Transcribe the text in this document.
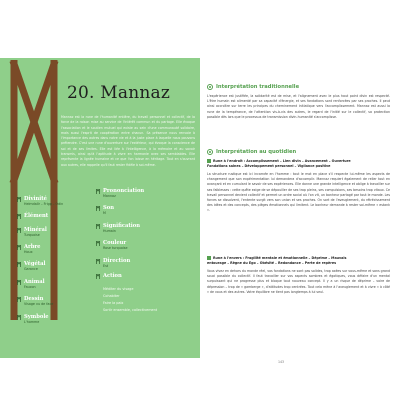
20. Mannaz

Mannaz est la rune de l'humanité entière, du travail personnel et collectif, de la force de la raison mise au service de l'intérêt commun et du partage. Elle évoque l'association et le soutien mutuel qui existe au sein d'une communauté solidaire, mais aussi l'esprit de coopération entre chacun. Sa présence nous renvoie à l'importance des autres dans notre vie et à la juste place à laquelle nous pouvons prétendre. C'est une rune d'ouverture sur l'extérieur, qui évoque la conscience de soi et de ses limites. Elle est liée à l'intelligence, à la mémoire et au savoir transmis, ainsi qu'à l'aptitude à vivre en harmonie avec ses semblables. Elle représente la lignée humaine et ce que l'on laisse en héritage. Tout en s'ouvrant aux autres, elle rappelle qu'il faut rester fidèle à soi-même.

Divinité
Heimdallr – Frigg – Odin
Élément
Minéral
Turquoise
Arbre
Houx
Végétal
Garance
Animal
Faucon
Dessin
Visage vu de face
Symbole
L'homme
Prononciation
Mannaz
Son
M
Signification
Humain
Couleur
Rose turquoise
Direction
Est
Action
Méditer du visage
Cohabiter
Faire la paix
Sortir ensemble, collectivement
Interprétation traditionnelle

L'expérience est justifiée, la solidarité est de mise, et l'alignement avec le plus haut point divin est respecté. L'être humain est alimenté par sa capacité d'énergie, et ses fondations sont renforcées par ses proches. Il peut ainsi accroître sur terre les principes du cheminement initiatique vers l'accomplissement. Mannaz est aussi la rune de la tempérance, de l'attention vis-à-vis des autres, le regard de l'initié sur le collectif, sa protection possible dès lors que le processus de transmission divin-humanité s'accomplisse.

Interprétation au quotidien
Rune à l'endroit : Accomplissement – Lien divin – Avancement – Ouverture
Fondations saines – Développement personnel – Vigilance positive

La structure rustique est ici incarnée en l'homme : tout le mot en place s'il respecte lui-même les aspects de changement que son expérimentation lui demandera d'accomplir. Mannaz requiert également de relier tout en avançant et en cumulant le savoir de ses expériences. Elle donne une grande intelligence et oblige à travailler sur ses faiblesses : cette quête exige de se dépouiller de ses trop pleins, ses compulsions, ses besoins trop vitaux. Ce travail personnel devient collectif et permet un ordre social où l'on vit, un bonheur partagé par tout le monde. Les forces se dissolvent, l'entente surgit vers son union et ses proches. On sort de l'aveuglement, du rétrécissement des idées et des concepts, des pièges émotionnels qui limitent. Le bonheur demande à rester soi-même « estank ».

Rune à l'envers : Fragilité mentale et émotionnelle – Déprime – Mauvais
entourage – Règne du Ego – Obésité – Redondance – Perte de repères

Vous vivez en dehors du monde réel, vos fondations ne sont pas solides, trop axées sur vous-même et sans grand souci possible du collectif. Il faut travailler sur vos aspects sombres et égotiques, vous défaire d'un mental surpuissant qui ne progresse plus et bloque tout nouveau concept. Il y a un risque de déprime – voire de dépression – trop de « gamberge », d'attitudes trop centrées. Tout cela mène à l'aveuglement et à vivre « à côté » de vous et des autres. Votre équilibre ne tient pas longtemps à lui seul.

143
